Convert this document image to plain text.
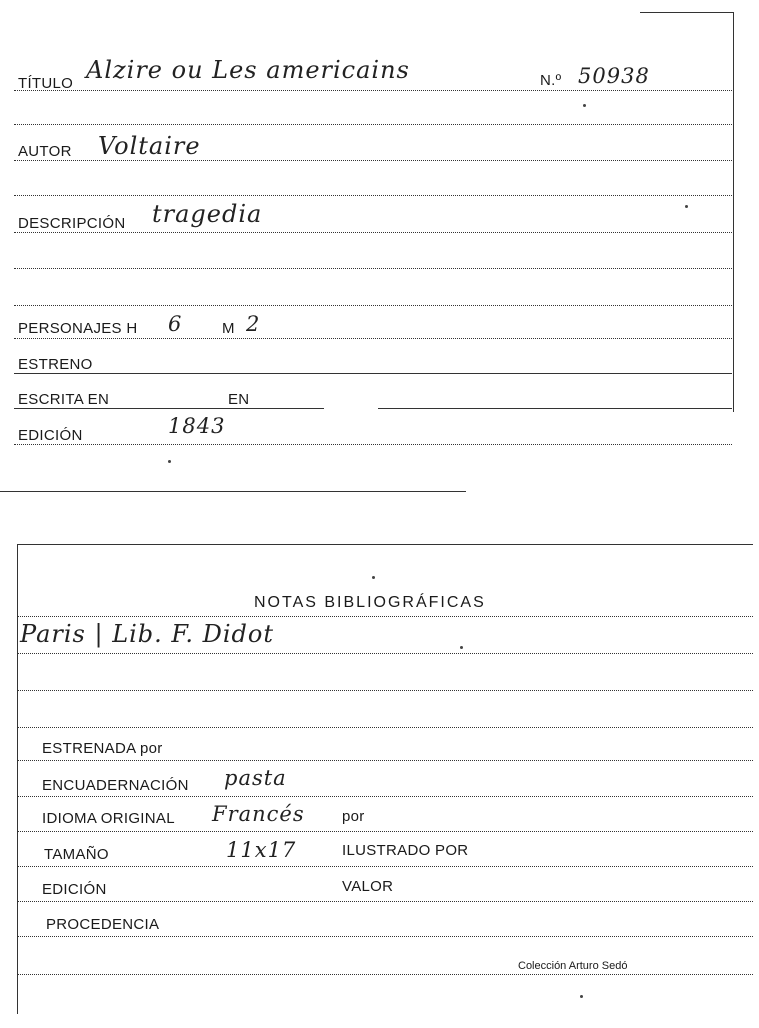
TÍTULO Alzire ou Les americains	N.º 50938
AUTOR Voltaire
DESCRIPCIÓN tragedia
PERSONAJES H 6	M 2
ESTRENO
ESCRITA EN	EN
EDICIÓN	1843
NOTAS BIBLIOGRÁFICAS
Paris | Lib. F. Didot
ESTRENADA por
ENCUADERNACIÓN pasta
IDIOMA ORIGINAL Francés por
TAMAÑO	11x17	ILUSTRADO POR
EDICIÓN	VALOR
PROCEDENCIA
Colección Arturo Sedó
